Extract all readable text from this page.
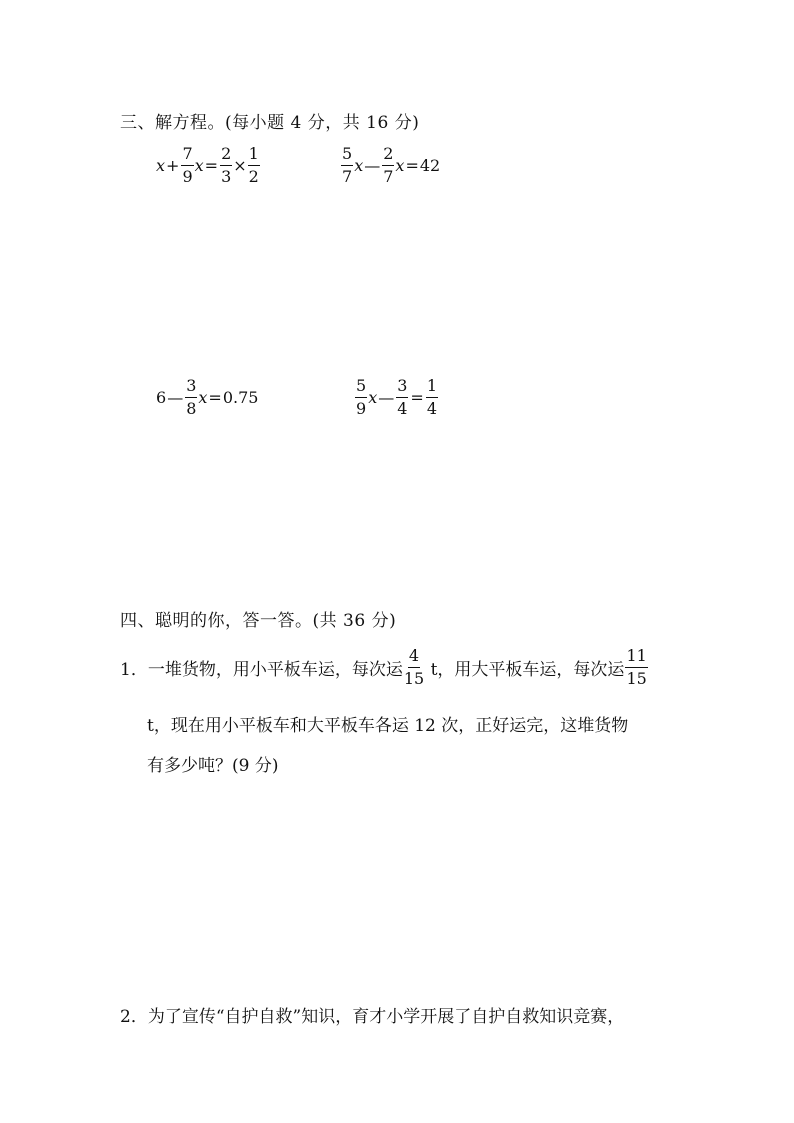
三、解方程。(每小题 4 分，共 16 分)
$x + \frac{7}{9}$ $x = \frac{2}{3} \times \frac{1}{2}$	$\frac{5}{7}$ x — $\frac{2}{7}$ x = 42
6 — $\frac{3}{8}$ x = 0.75	$\frac{5}{9}$ x — $\frac{3}{4} = \frac{1}{4}$
四、聪明的你，答一答。(共 36 分)
1． 一堆货物，用小平板车运，每次运 $\frac{4}{15}$ t，用大平板车运，每次运 $\frac{11}{15}$
t，现在用小平板车和大平板车各运 12 次，正好运完，这堆货物
有多少吨？(9 分)
2．为了宣传“自护自救”知识，育才小学开展了自护自救知识竞赛，
